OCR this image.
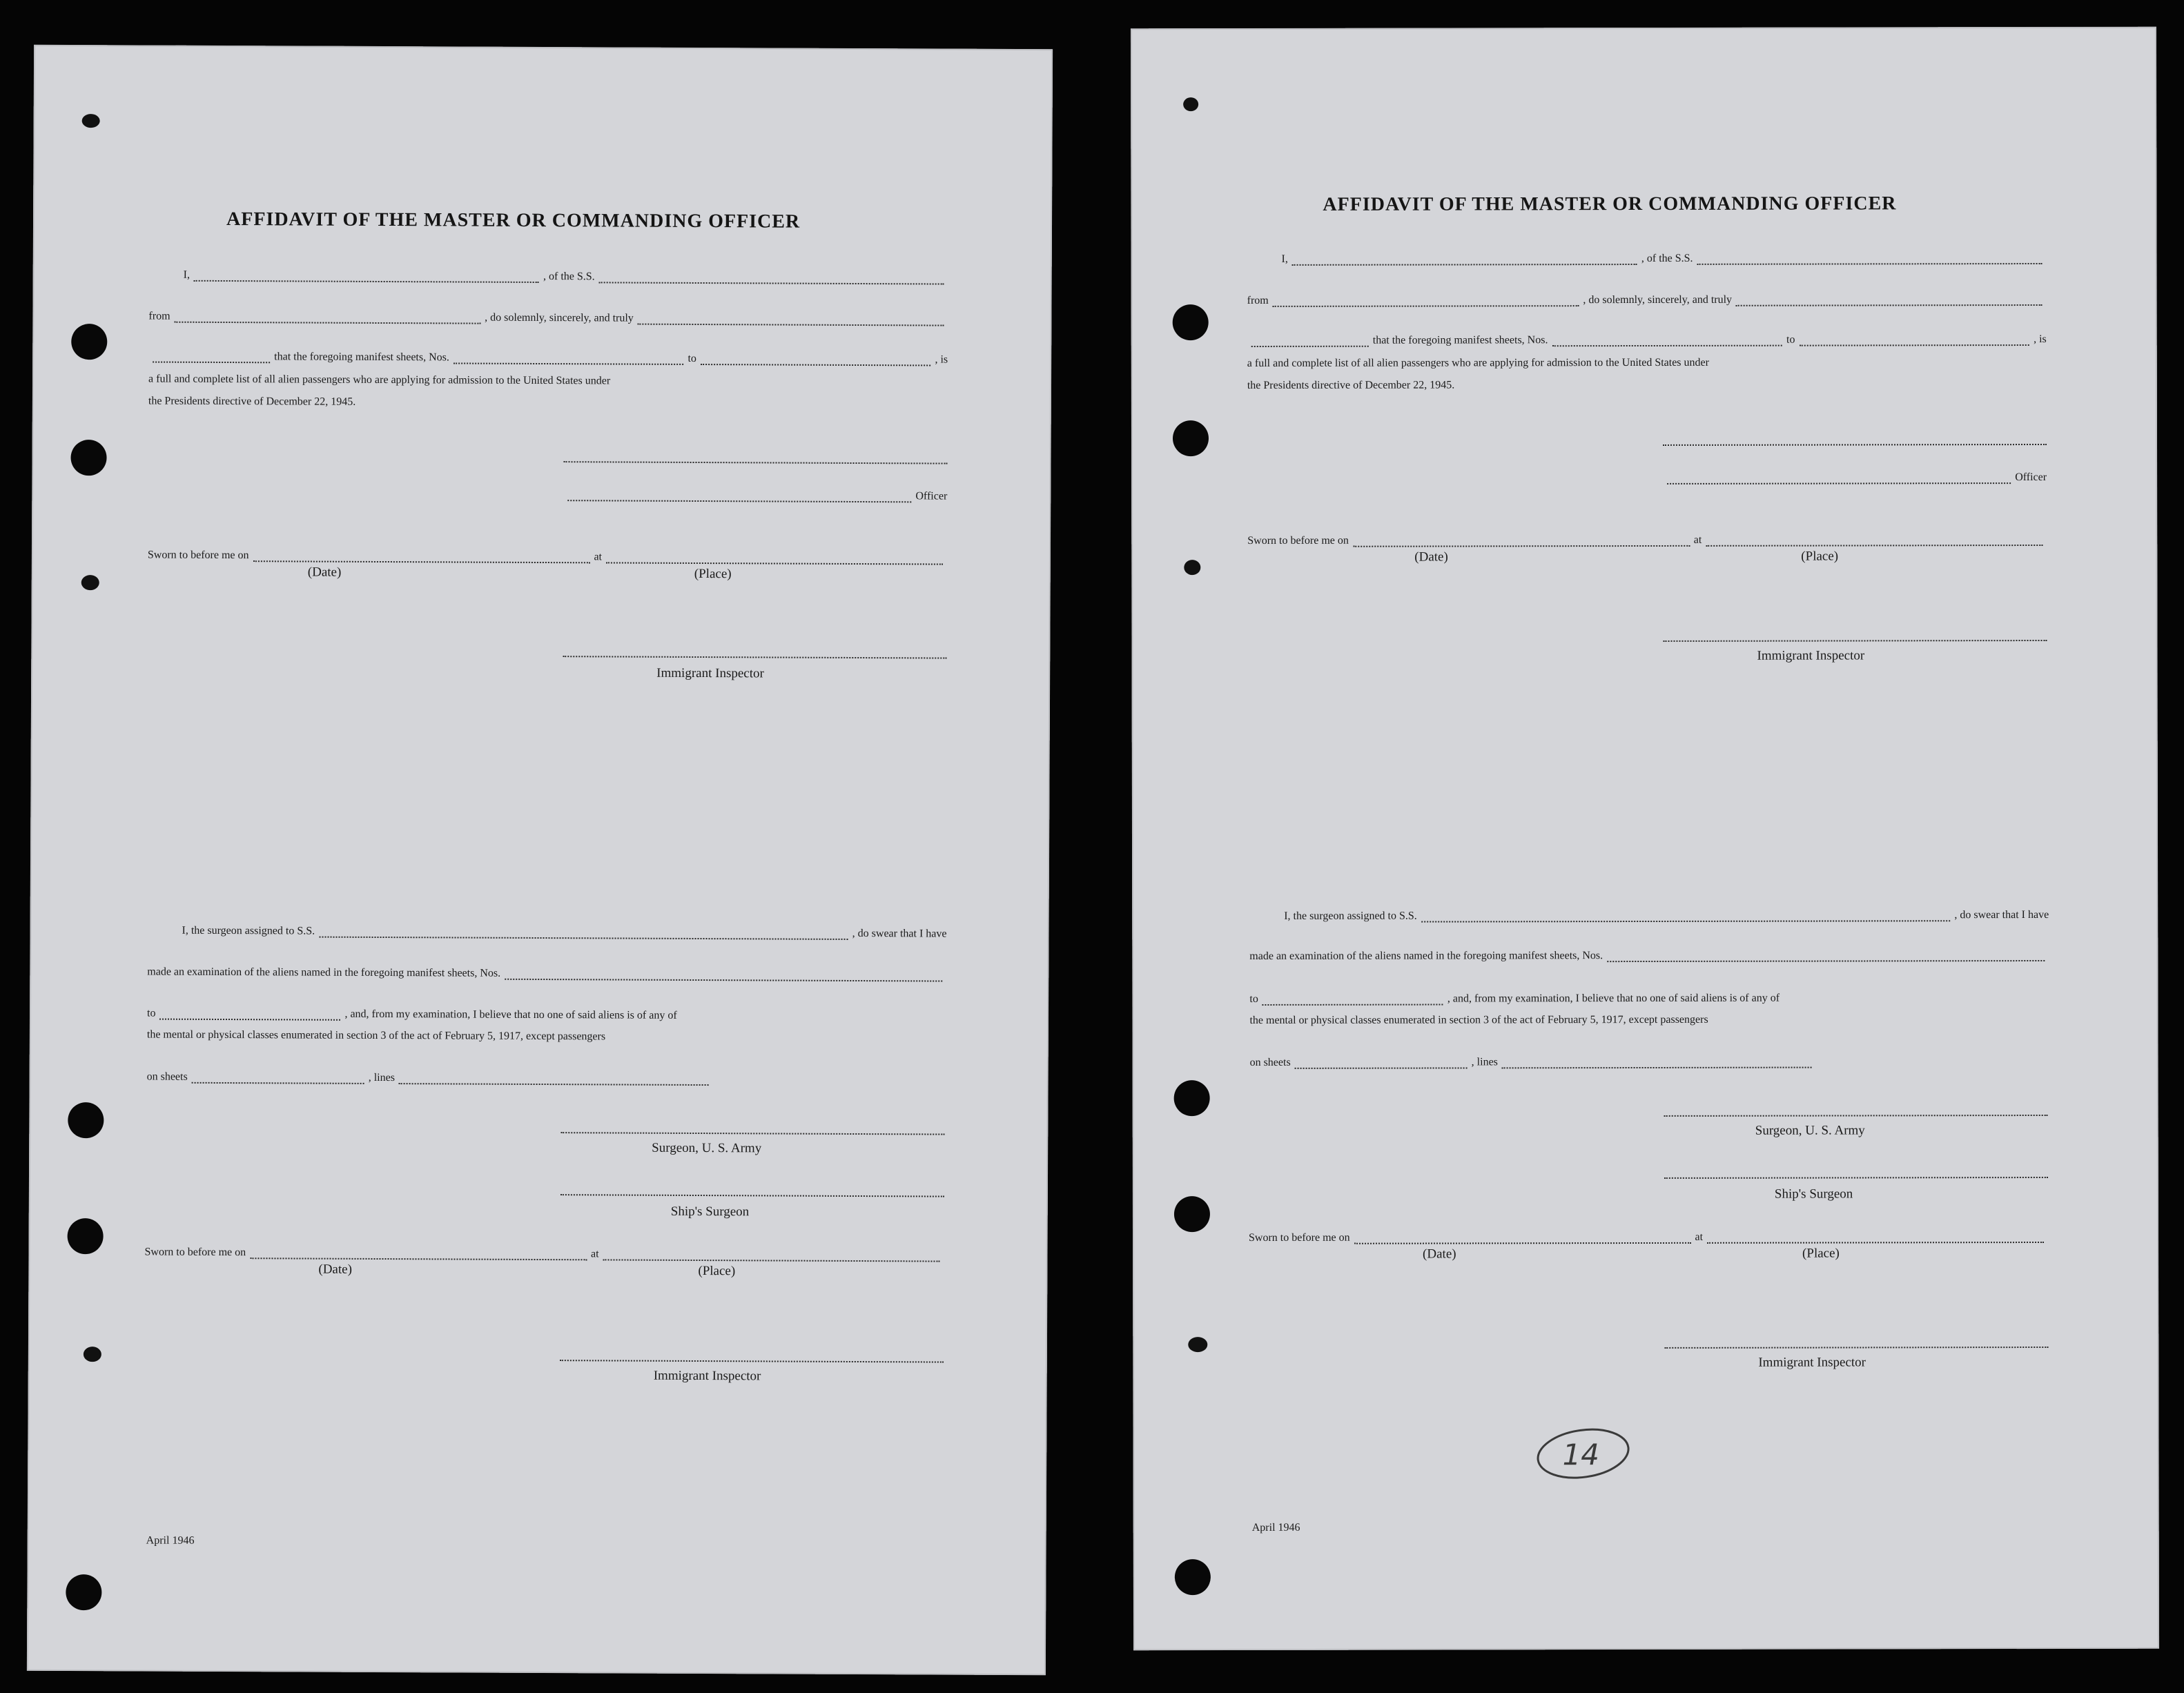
AFFIDAVIT OF THE MASTER OR COMMANDING OFFICER
I,	, of the S.S.
from	, do solemnly, sincerely, and truly
that the foregoing manifest sheets, Nos.	to	, is
a full and complete list of all alien passengers who are applying for admission to the United States under
the Presidents directive of December 22, 1945.
Officer
Sworn to before me on	at
(Date)	(Place)
Immigrant Inspector
I, the surgeon assigned to S.S.	, do swear that I have
made an examination of the aliens named in the foregoing manifest sheets, Nos.
to	, and, from my examination, I believe that no one of said aliens is of any of
the mental or physical classes enumerated in section 3 of the act of February 5, 1917, except passengers
on sheets	, lines
Surgeon, U. S. Army
Ship's Surgeon
Sworn to before me on	at
(Date)	(Place)
Immigrant Inspector
April 1946
AFFIDAVIT OF THE MASTER OR COMMANDING OFFICER
I,	, of the S.S.
from	, do solemnly, sincerely, and truly
that the foregoing manifest sheets, Nos.	to	, is
a full and complete list of all alien passengers who are applying for admission to the United States under
the Presidents directive of December 22, 1945.
Officer
Sworn to before me on	at
(Date)	(Place)
Immigrant Inspector
I, the surgeon assigned to S.S.	, do swear that I have
made an examination of the aliens named in the foregoing manifest sheets, Nos.
to	, and, from my examination, I believe that no one of said aliens is of any of
the mental or physical classes enumerated in section 3 of the act of February 5, 1917, except passengers
on sheets	, lines
Surgeon, U. S. Army
Ship's Surgeon
Sworn to before me on	at
(Date)	(Place)
Immigrant Inspector
14
April 1946
